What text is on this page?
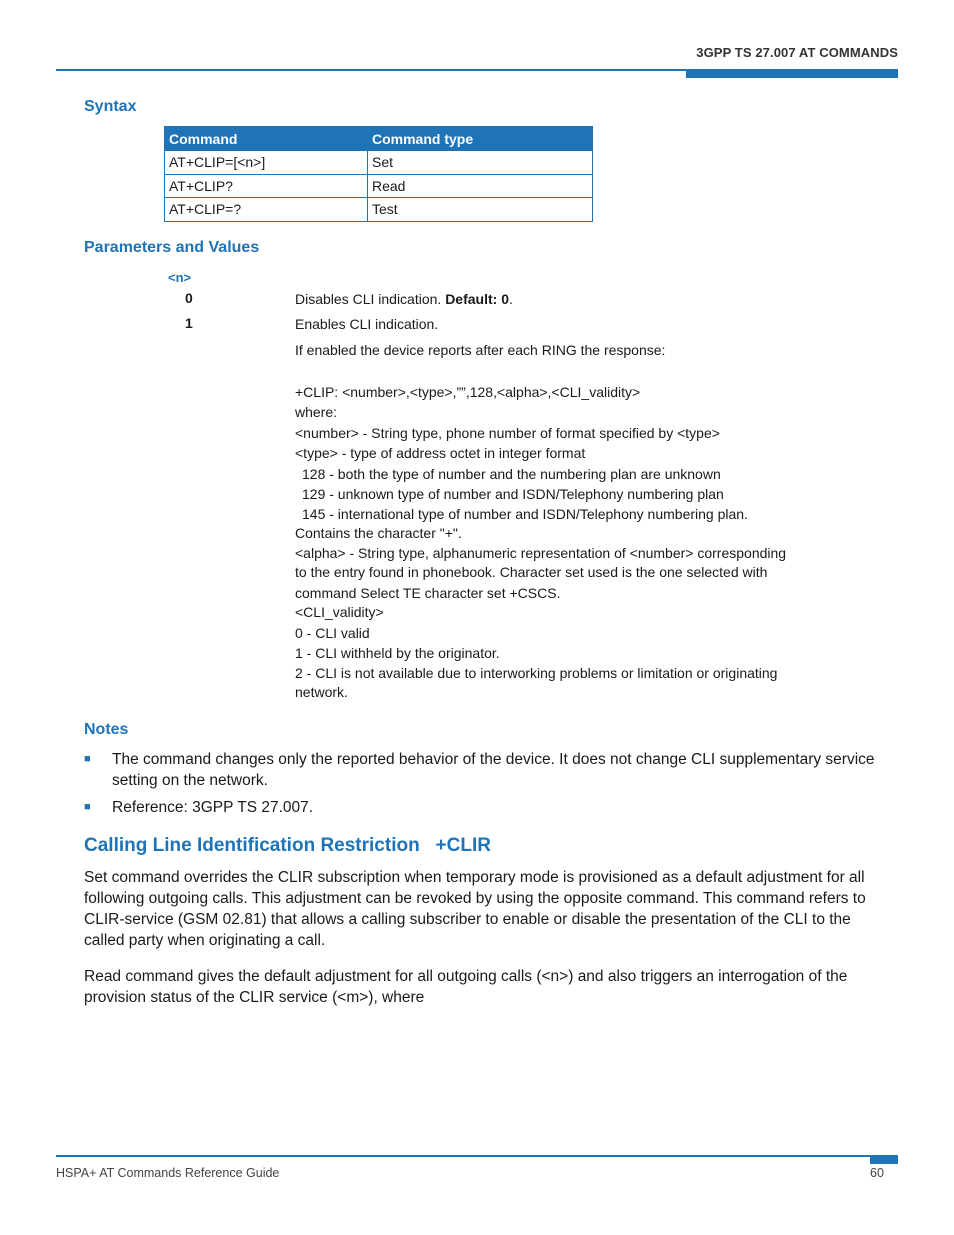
3GPP TS 27.007 AT COMMANDS
Syntax
Command	Command type
AT+CLIP=[<n>]	Set
AT+CLIP?	Read
AT+CLIP=?	Test
Parameters and Values
<n>
0	Disables CLI indication. Default: 0.
1	Enables CLI indication.
If enabled the device reports after each RING the response:
+CLIP: <number>,<type>,””,128,<alpha>,<CLI_validity>
where:
<number> - String type, phone number of format specified by <type>
<type> - type of address octet in integer format
128 - both the type of number and the numbering plan are unknown
129 - unknown type of number and ISDN/Telephony numbering plan
145 - international type of number and ISDN/Telephony numbering plan.
Contains the character "+".
<alpha> - String type, alphanumeric representation of <number> corresponding
to the entry found in phonebook. Character set used is the one selected with
command Select TE character set +CSCS.
<CLI_validity>
0 - CLI valid
1 - CLI withheld by the originator.
2 - CLI is not available due to interworking problems or limitation or originating
network.
Notes
■	The command changes only the reported behavior of the device. It does not change CLI supplementary service setting on the network.
■	Reference: 3GPP TS 27.007.
Calling Line Identification Restriction   +CLIR
Set command overrides the CLIR subscription when temporary mode is provisioned as a default adjustment for all following outgoing calls. This adjustment can be revoked by using the opposite command. This command refers to CLIR-service (GSM 02.81) that allows a calling subscriber to enable or disable the presentation of the CLI to the called party when originating a call.
Read command gives the default adjustment for all outgoing calls (<n>) and also triggers an interrogation of the provision status of the CLIR service (<m>), where
HSPA+ AT Commands Reference Guide	60
